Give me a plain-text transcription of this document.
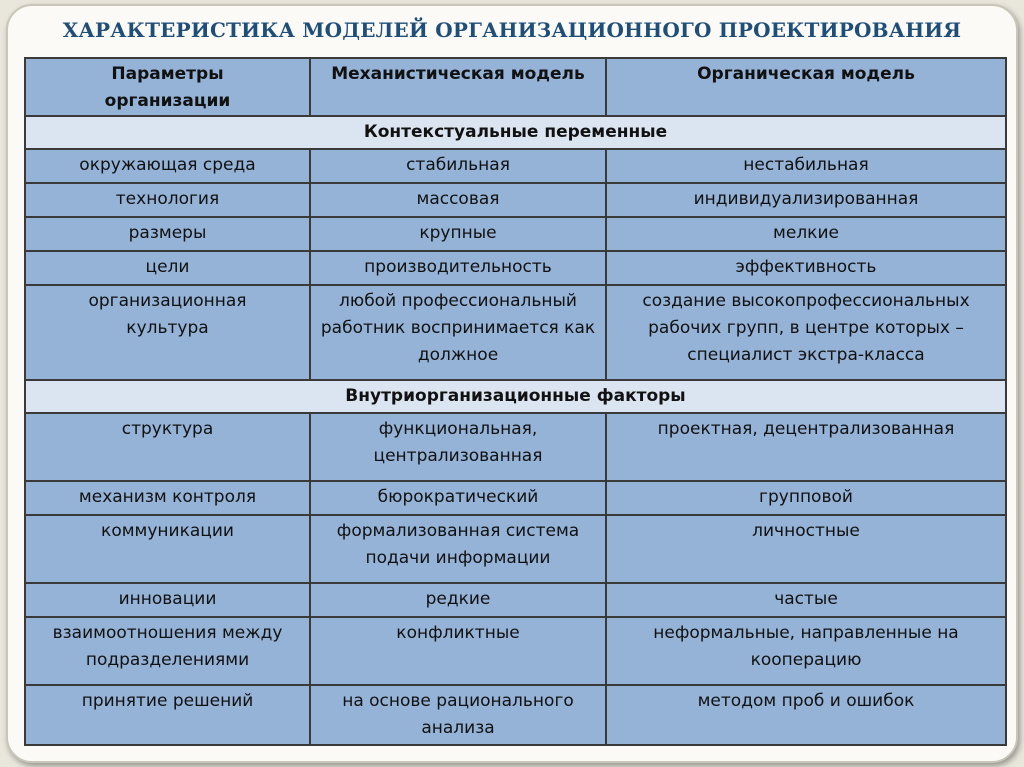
ХАРАКТЕРИСТИКА МОДЕЛЕЙ ОРГАНИЗАЦИОННОГО ПРОЕКТИРОВАНИЯ
Параметры организации	Механистическая модель	Органическая модель
Контекстуальные переменные		
окружающая среда	стабильная	нестабильная
технология	массовая	индивидуализированная
размеры	крупные	мелкие
цели	производительность	эффективность
организационная культура	любой профессиональный работник воспринимается как должное	создание высокопрофессиональных рабочих групп, в центре которых – специалист экстра-класса
Внутриорганизационные факторы		
структура	функциональная, централизованная	проектная, децентрализованная
механизм контроля	бюрократический	групповой
коммуникации	формализованная система подачи информации	личностные
инновации	редкие	частые
взаимоотношения между подразделениями	конфликтные	неформальные, направленные на кооперацию
принятие решений	на основе рационального анализа	методом проб и ошибок
